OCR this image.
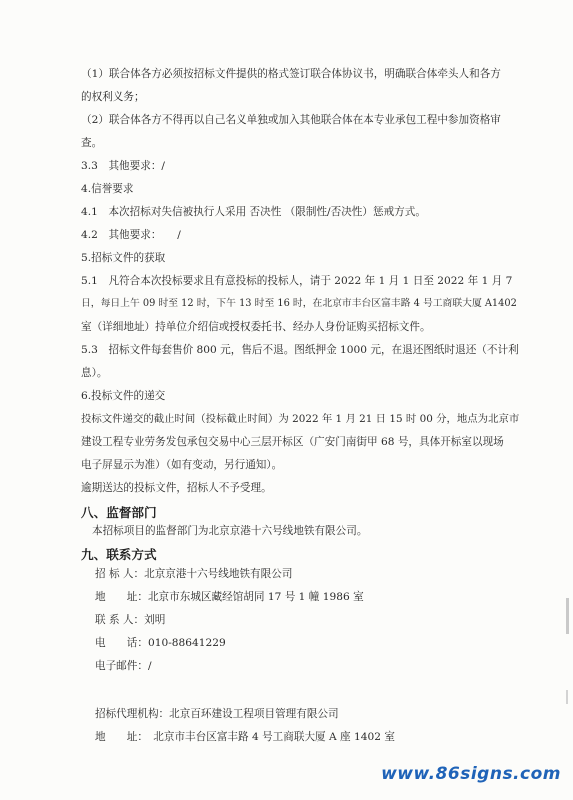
（1）联合体各方必须按招标文件提供的格式签订联合体协议书，明确联合体牵头人和各方
的权利义务；
（2）联合体各方不得再以自己名义单独或加入其他联合体在本专业承包工程中参加资格审
查。
3.3　其他要求：/
4.信誉要求
4.1　本次招标对失信被执行人采用 否决性 （限制性/否决性）惩戒方式。
4.2　其他要求：　　/
5.招标文件的获取
5.1　凡符合本次投标要求且有意投标的投标人，请于 2022 年 1 月 1 日至 2022 年 1 月 7
日，每日上午 09 时至 12 时，下午 13 时至 16 时，在北京市丰台区富丰路 4 号工商联大厦 A1402
室（详细地址）持单位介绍信或授权委托书、经办人身份证购买招标文件。
5.3　招标文件每套售价 800 元，售后不退。图纸押金 1000 元，在退还图纸时退还（不计利
息）。
6.投标文件的递交
投标文件递交的截止时间（投标截止时间）为 2022 年 1 月 21 日 15 时 00 分，地点为北京市
建设工程专业劳务发包承包交易中心三层开标区（广安门南街甲 68 号，具体开标室以现场
电子屏显示为准）（如有变动，另行通知）。
逾期送达的投标文件，招标人不予受理。
八、监督部门
本招标项目的监督部门为北京京港十六号线地铁有限公司。
九、联系方式
招 标 人：北京京港十六号线地铁有限公司
地　　址：北京市东城区藏经馆胡同 17 号 1 幢 1986 室
联 系 人：刘明
电　　话：010-88641229
电子邮件：/
招标代理机构：北京百环建设工程项目管理有限公司
地　　址：　北京市丰台区富丰路 4 号工商联大厦 A 座 1402 室
www.86signs.com
